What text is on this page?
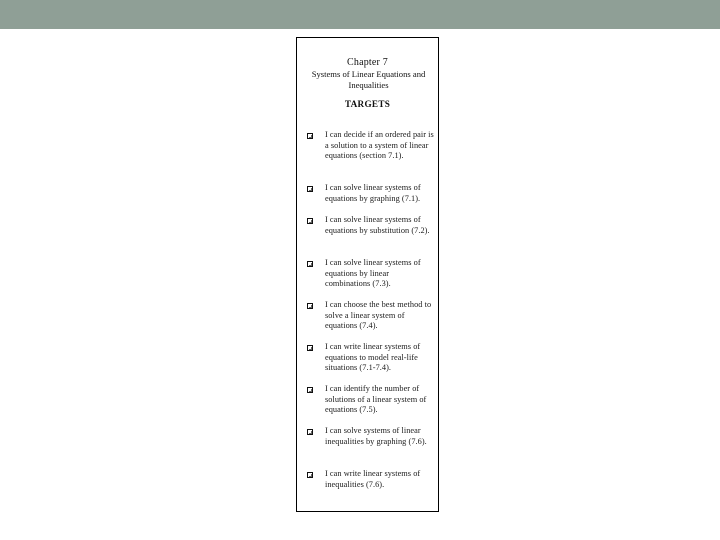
Chapter 7
Systems of Linear Equations and Inequalities
TARGETS
I can decide if an ordered pair is a solution to a system of linear equations (section 7.1).
I can solve linear systems of equations by graphing (7.1).
I can solve linear systems of equations by substitution (7.2).
I can solve linear systems of equations by linear combinations (7.3).
I can choose the best method to solve a linear system of equations (7.4).
I can write linear systems of equations to model real-life situations (7.1-7.4).
I can identify the number of solutions of a linear system of equations (7.5).
I can solve systems of linear inequalities by graphing (7.6).
I can write linear systems of inequalities (7.6).
